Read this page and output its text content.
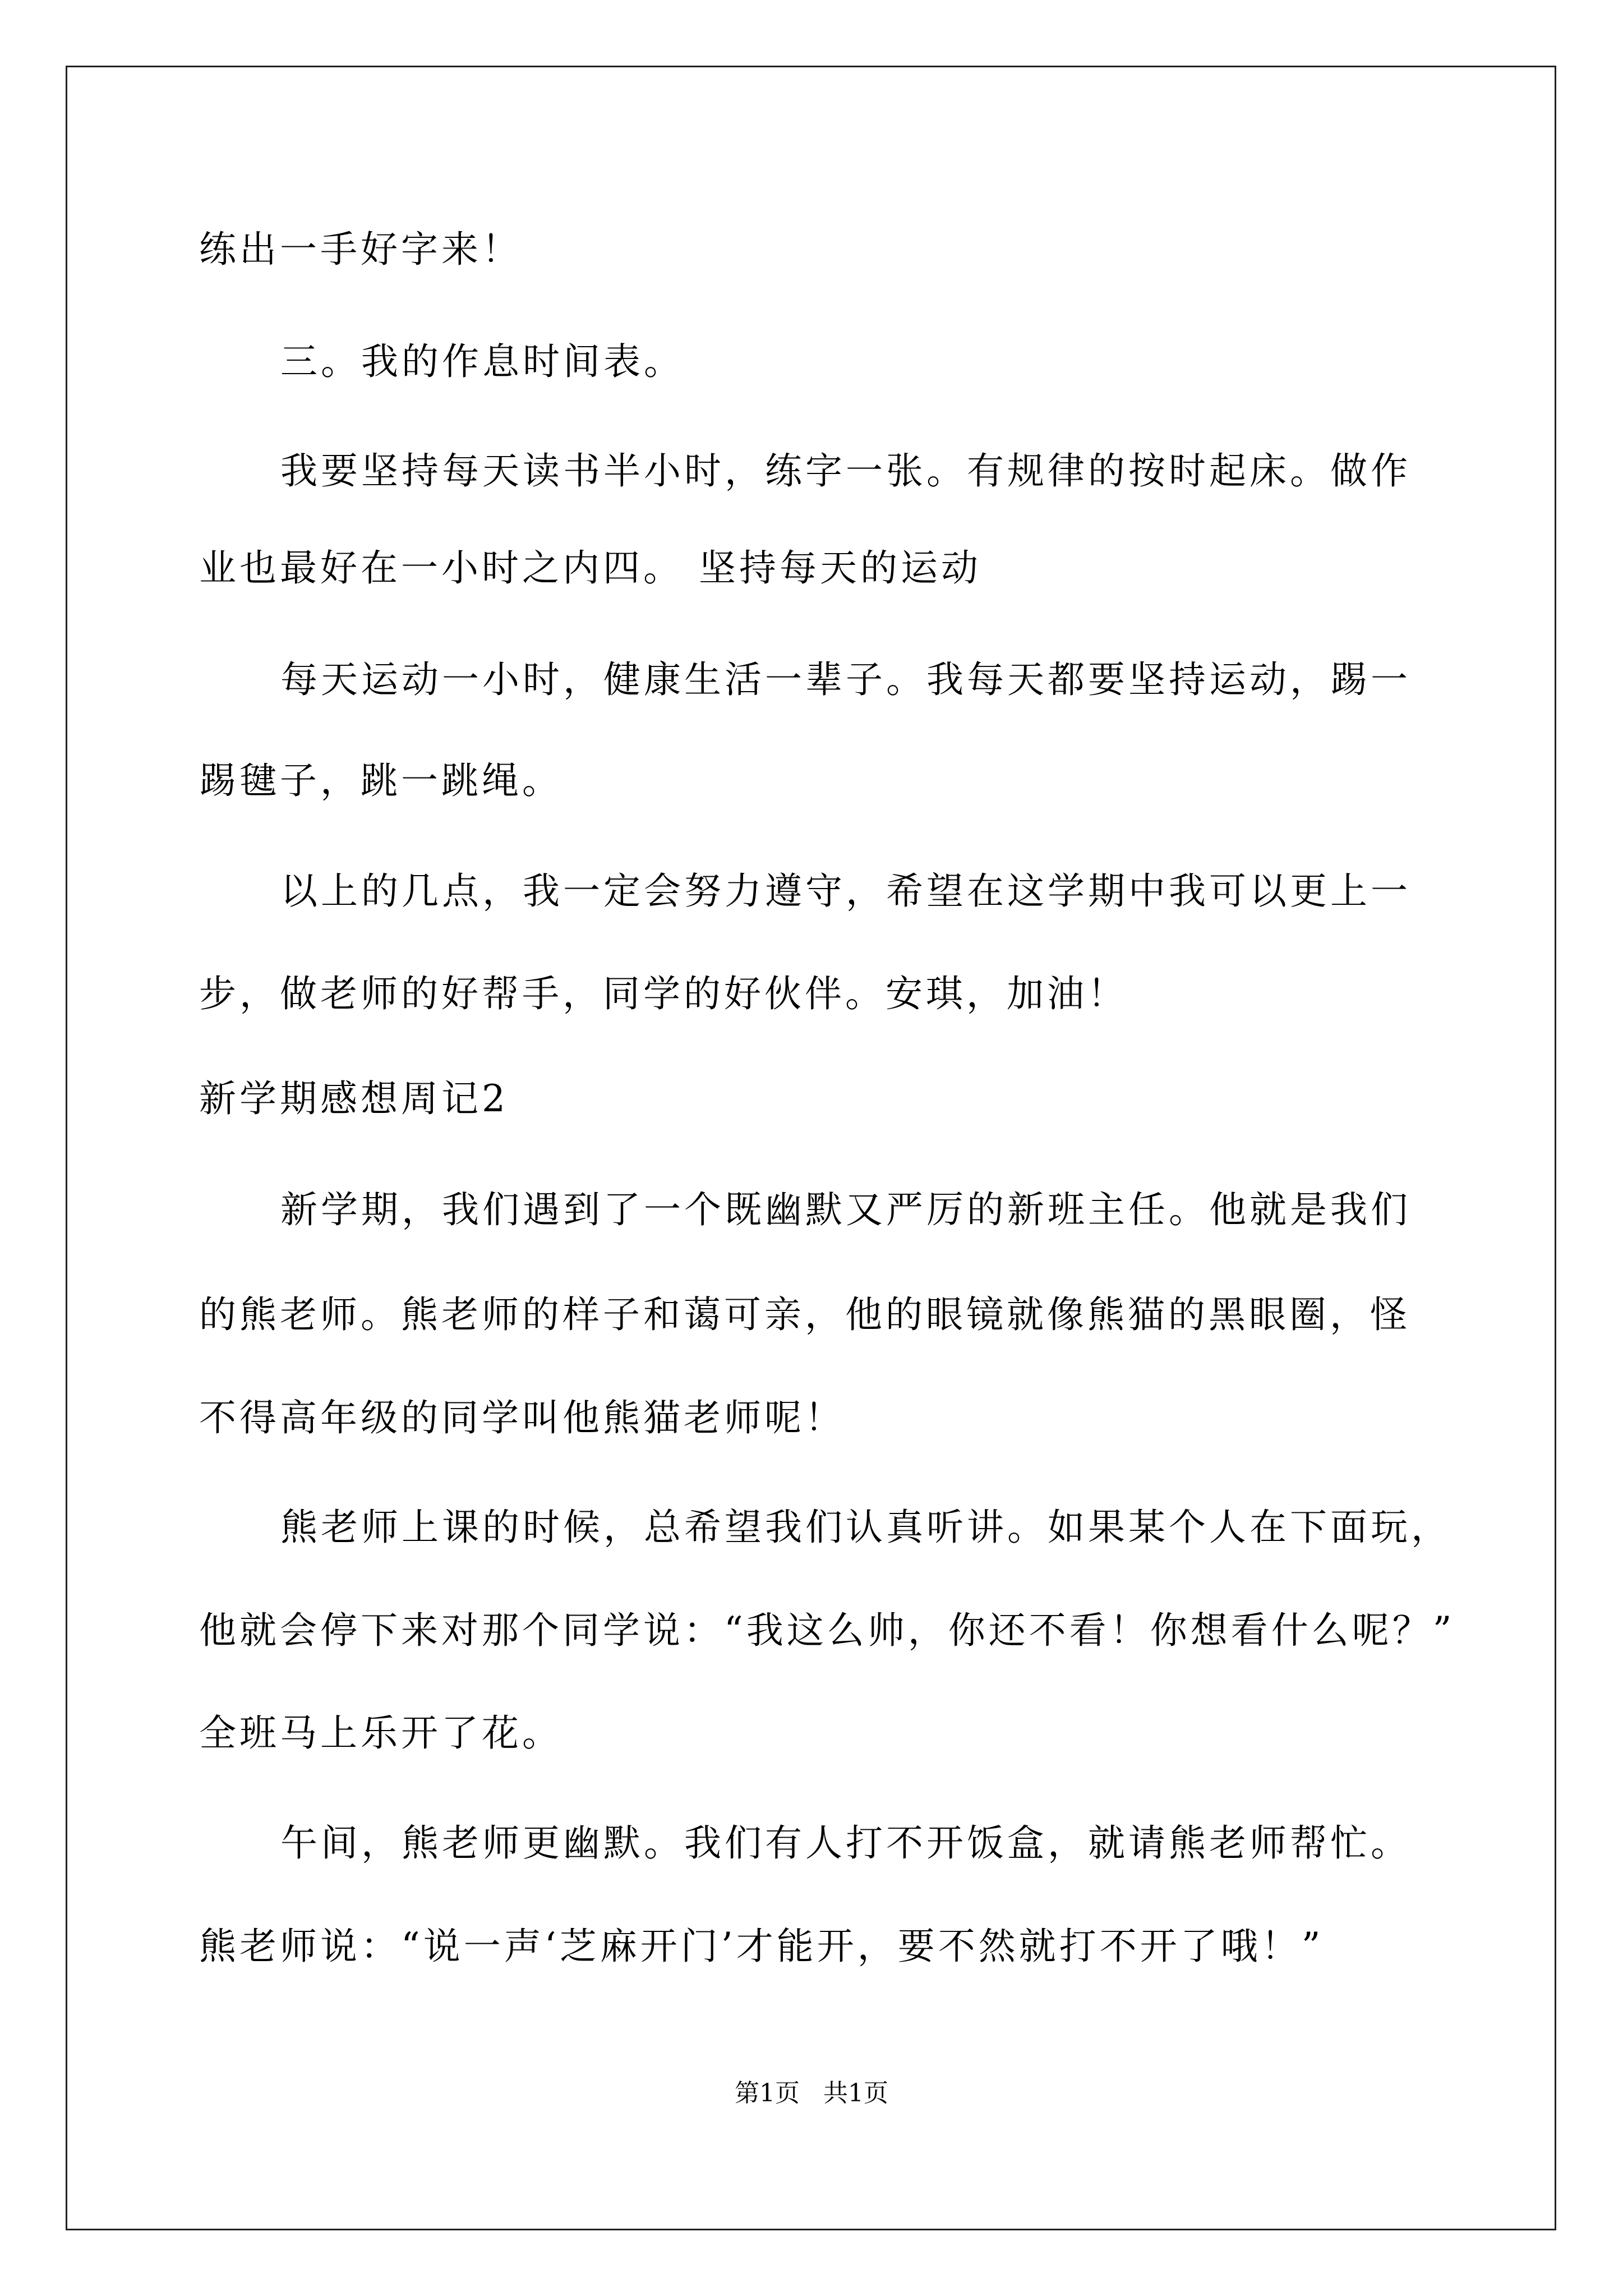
练出一手好字来！
三。我的作息时间表。
我要坚持每天读书半小时，练字一张。有规律的按时起床。做作
业也最好在一小时之内四。 坚持每天的运动
每天运动一小时，健康生活一辈子。我每天都要坚持运动，踢一
踢毽子，跳一跳绳。
以上的几点，我一定会努力遵守，希望在这学期中我可以更上一
步，做老师的好帮手，同学的好伙伴。安琪，加油！
新学期感想周记2
新学期，我们遇到了一个既幽默又严厉的新班主任。他就是我们
的熊老师。熊老师的样子和蔼可亲，他的眼镜就像熊猫的黑眼圈，怪
不得高年级的同学叫他熊猫老师呢！
熊老师上课的时候，总希望我们认真听讲。如果某个人在下面玩，
他就会停下来对那个同学说：“我这么帅，你还不看！你想看什么呢？”
全班马上乐开了花。
午间，熊老师更幽默。我们有人打不开饭盒，就请熊老师帮忙。
熊老师说：“说一声‘芝麻开门’才能开，要不然就打不开了哦！”
第1页   共1页
